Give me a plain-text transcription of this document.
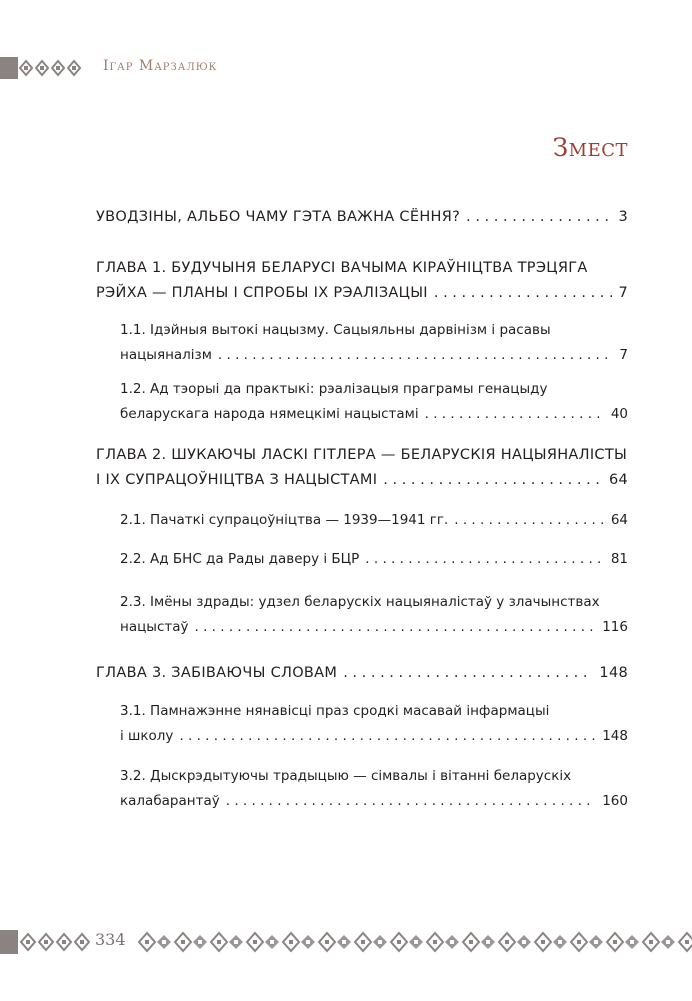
Ігар Марзалюк
Змест
УВОДЗІНЫ, АЛЬБО ЧАМУ ГЭТА ВАЖНА СЁННЯ? . . .	3
ГЛАВА 1. БУДУЧЫНЯ БЕЛАРУСІ ВАЧЫМА КІРАЎНІЦТВА ТРЭЦЯГА
РЭЙХА — ПЛАНЫ І СПРОБЫ ІХ РЭАЛІЗАЦЫІ . . .	7
1.1. Ідэйныя вытокі нацызму. Сацыяльны дарвінізм і расавы
нацыяналізм . . .	7
1.2. Ад тэорыі да практыкі: рэалізацыя праграмы генацыду
беларускага народа нямецкімі нацыстамі . . .	40
ГЛАВА 2. ШУКАЮЧЫ ЛАСКІ ГІТЛЕРА — БЕЛАРУСКІЯ НАЦЫЯНАЛІСТЫ
І ІХ СУПРАЦОЎНІЦТВА З НАЦЫСТАМІ . . .	64
2.1. Пачаткі супрацоўніцтва — 1939—1941 гг. . . .	64
2.2. Ад БНС да Рады даверу і БЦР . . .	81
2.3. Імёны здрады: удзел беларускіх нацыяналістаў у злачынствах
нацыстаў . . .	116
ГЛАВА 3. ЗАБІВАЮЧЫ СЛОВАМ . . .	148
3.1. Памнажэнне нянавісці праз сродкі масавай інфармацыі
і школу . . .	148
3.2. Дыскрэдытуючы традыцыю — сімвалы і вітанні беларускіх
калабарантаў . . .	160
334
